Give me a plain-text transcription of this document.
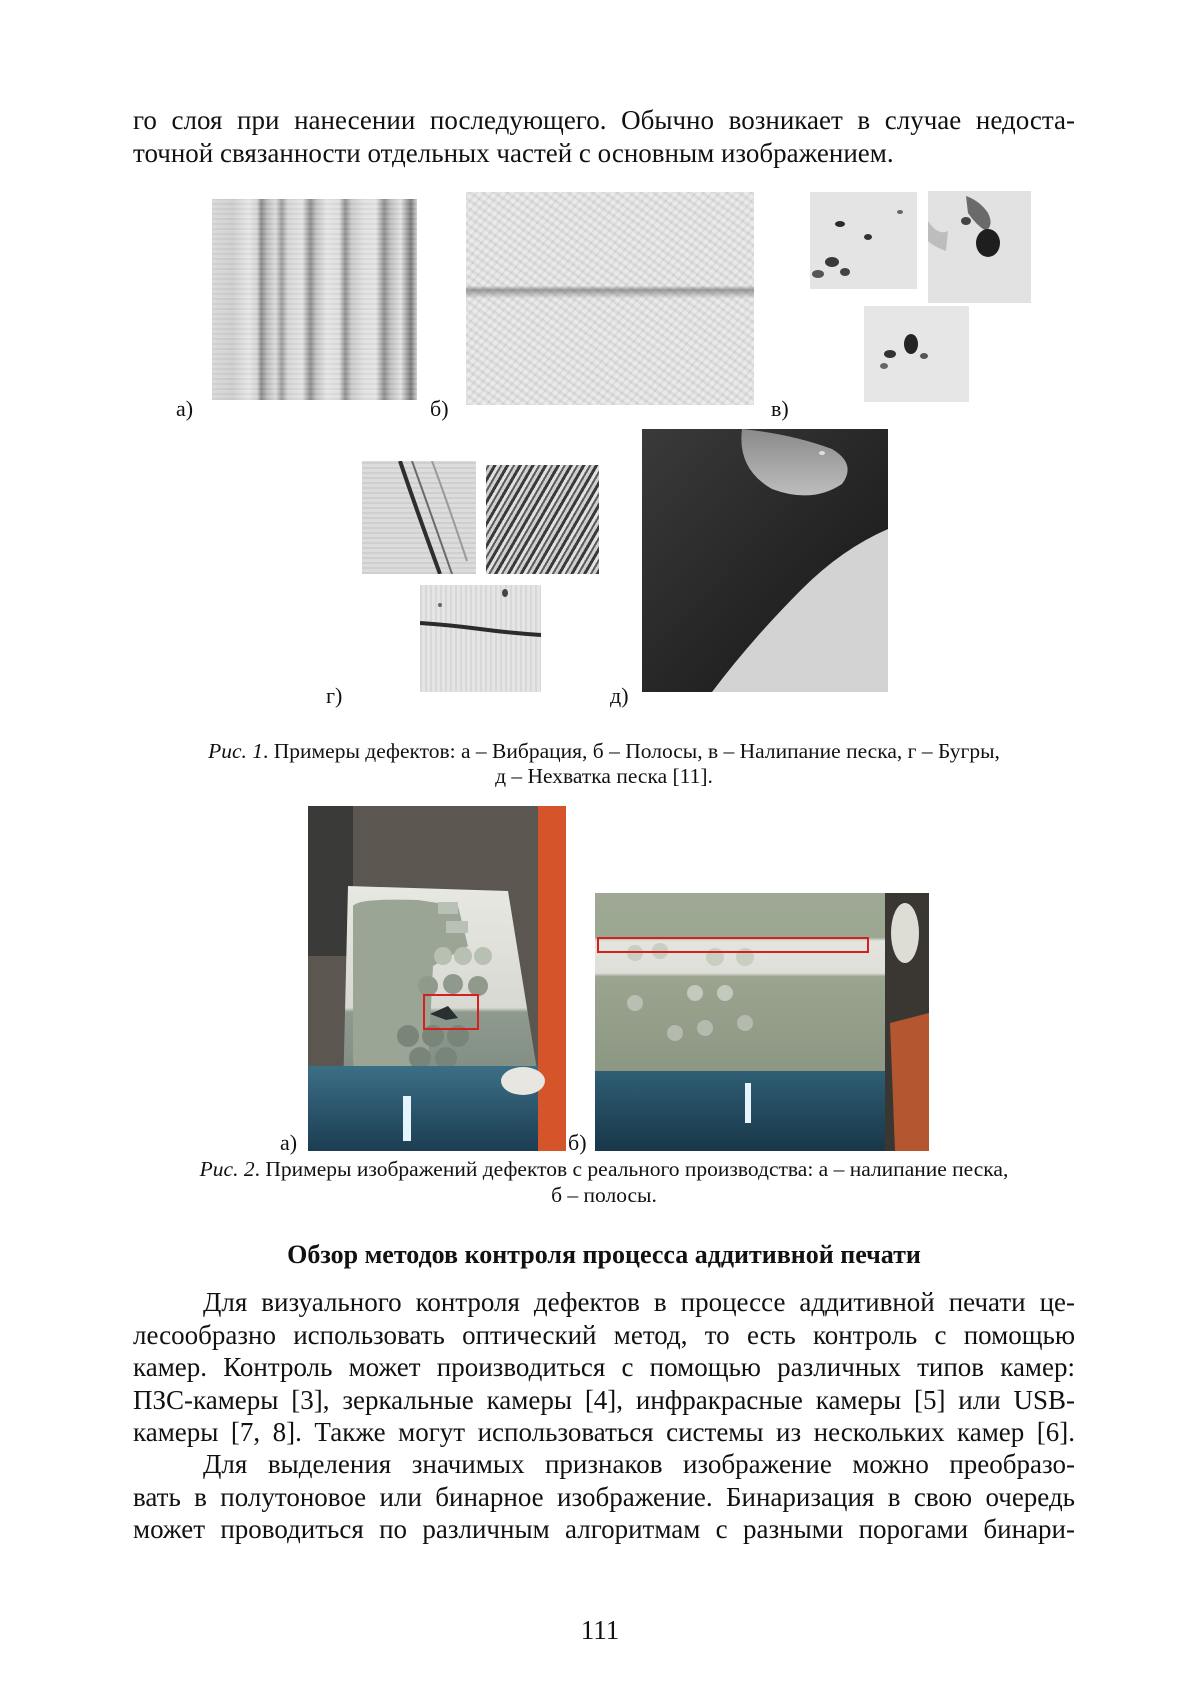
го слоя при нанесении последующего. Обычно возникает в случае недоста-

точной связанности отдельных частей с основным изображением.

а)	б)	в)
г)	д)

Рис. 1. Примеры дефектов: а – Вибрация, б – Полосы, в – Налипание песка, г – Бугры,

д – Нехватка песка [11].

а)	б)

Рис. 2. Примеры изображений дефектов с реального производства: а – налипание песка,

б – полосы.

Обзор методов контроля процесса аддитивной печати

Для визуального контроля дефектов в процессе аддитивной печати це-

лесообразно использовать оптический метод, то есть контроль с помощью

камер. Контроль может производиться с помощью различных типов камер:

ПЗС-камеры [3], зеркальные камеры [4], инфракрасные камеры [5] или USB-

камеры [7, 8]. Также могут использоваться системы из нескольких камер [6].

Для выделения значимых признаков изображение можно преобразо-

вать в полутоновое или бинарное изображение. Бинаризация в свою очередь

может проводиться по различным алгоритмам с разными порогами бинари-

111
